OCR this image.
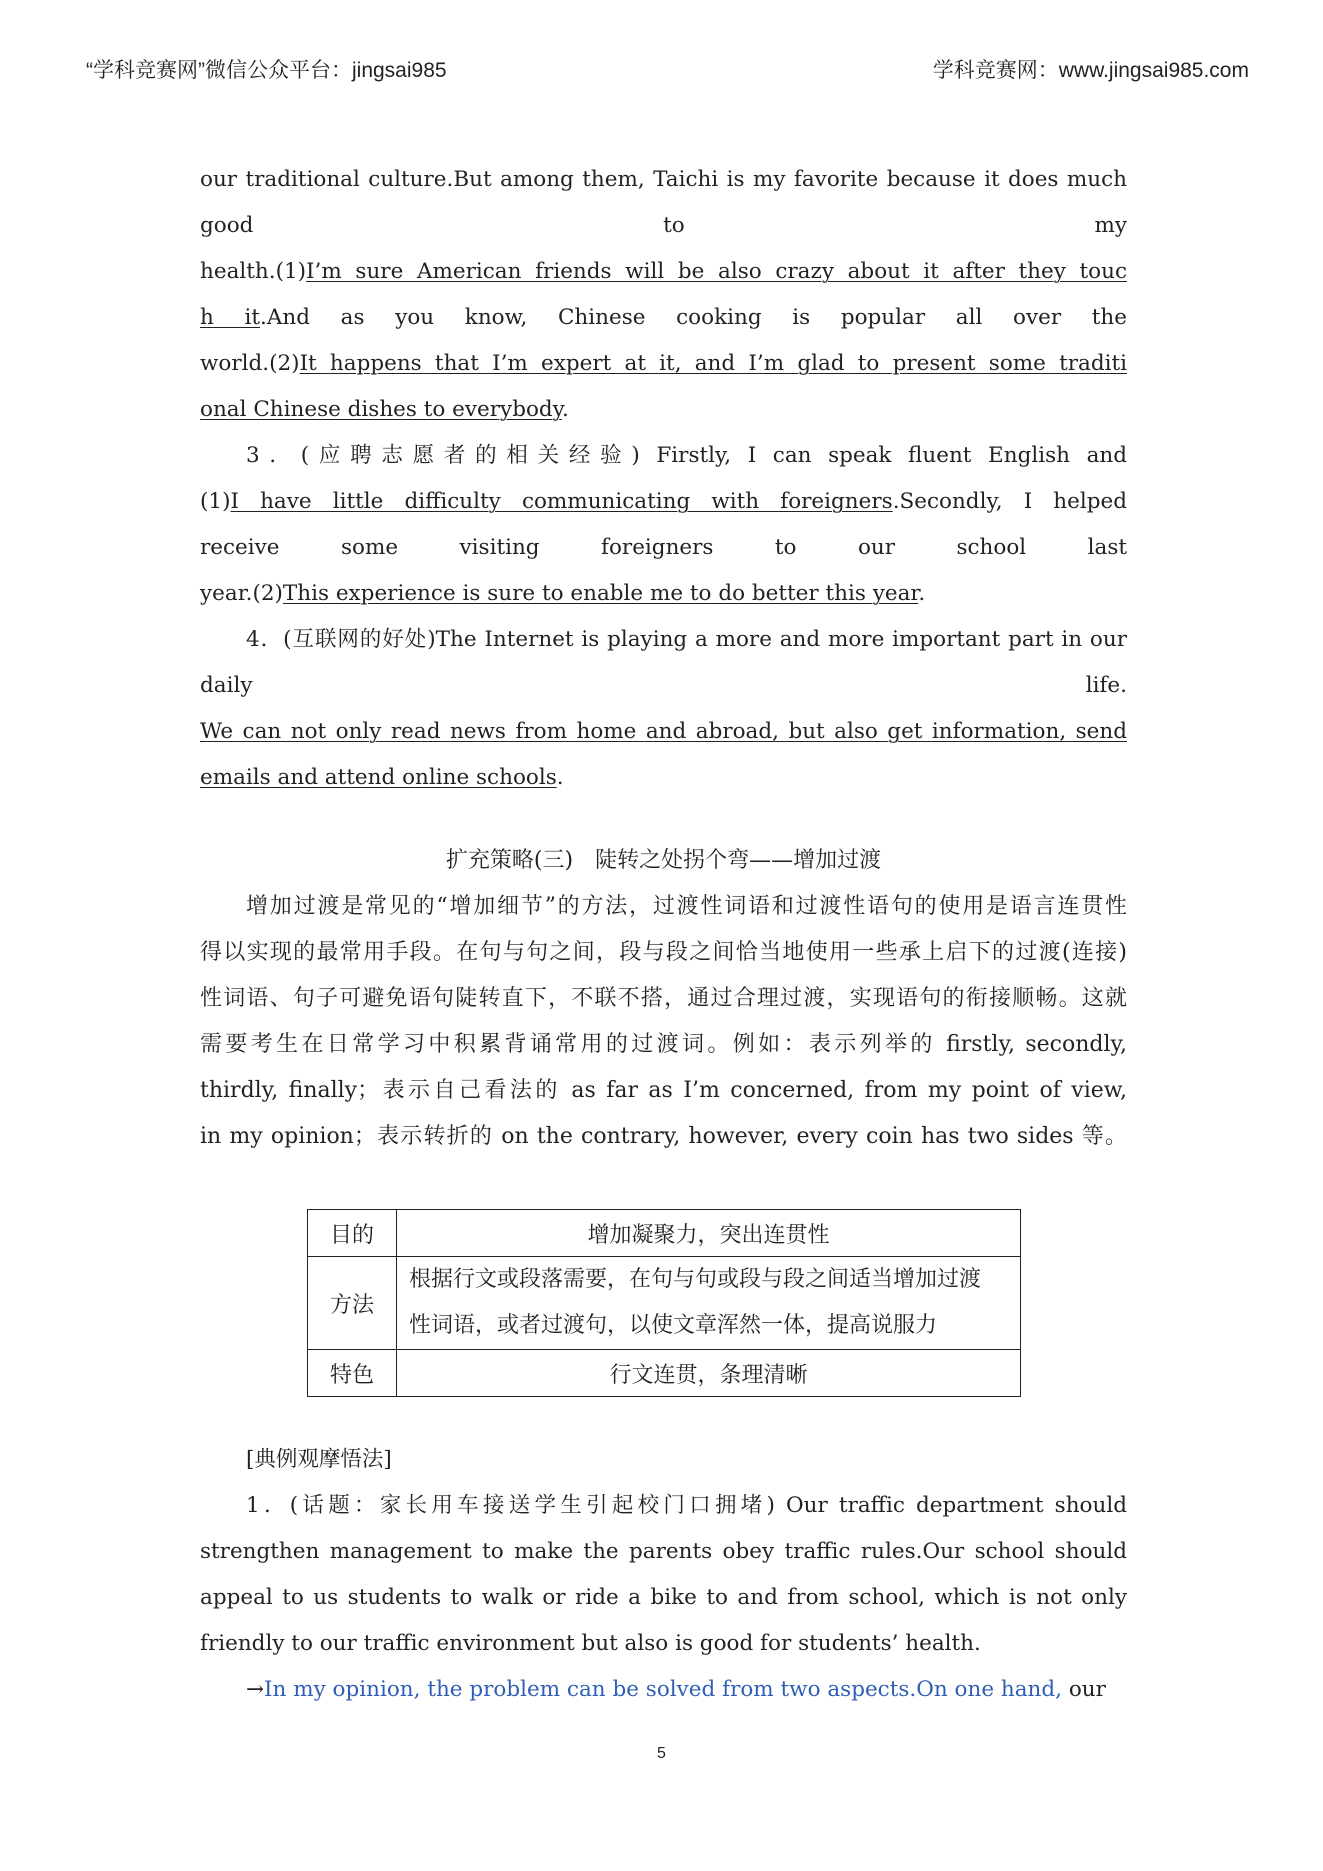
“学科竞赛网”微信公众平台：jingsai985	学科竞赛网：www.jingsai985.com
our traditional culture.But among them, Taichi is my favorite because it does much
good	to	my
health.(1)I’m sure American friends will be also crazy about it after they touc
h it.And as you know, Chinese cooking is popular all over the
world.(2)It happens that I’m expert at it, and I’m glad to present some traditi
onal Chinese dishes to everybody.
3．(应聘志愿者的相关经验) Firstly, I can speak fluent English and
(1)I have little difficulty communicating with foreigners.Secondly, I helped
receive some visiting foreigners to our school last
year.(2)This experience is sure to enable me to do better this year.
4．(互联网的好处)The Internet is playing a more and more important part in our
daily	life.
We can not only read news from home and abroad, but also get information, send
emails and attend online schools.
扩充策略(三)　陡转之处拐个弯——增加过渡
增加过渡是常见的“增加细节”的方法，过渡性词语和过渡性语句的使用是语言连贯性
得以实现的最常用手段。在句与句之间，段与段之间恰当地使用一些承上启下的过渡(连接)
性词语、句子可避免语句陡转直下，不联不搭，通过合理过渡，实现语句的衔接顺畅。这就
需要考生在日常学习中积累背诵常用的过渡词。例如：表示列举的 firstly, secondly,
thirdly, finally；表示自己看法的 as far as I’m concerned, from my point of view,
in my opinion；表示转折的 on the contrary, however, every coin has two sides 等。
目的	增加凝聚力，突出连贯性
方法	根据行文或段落需要，在句与句或段与段之间适当增加过渡
性词语，或者过渡句，以使文章浑然一体，提高说服力

特色	行文连贯，条理清晰
[典例观摩悟法]
1．(话题：家长用车接送学生引起校门口拥堵) Our traffic department should
strengthen management to make the parents obey traffic rules.Our school should
appeal to us students to walk or ride a bike to and from school, which is not only
friendly to our traffic environment but also is good for students’ health.
→In my opinion, the problem can be solved from two aspects.On one hand, our
5
